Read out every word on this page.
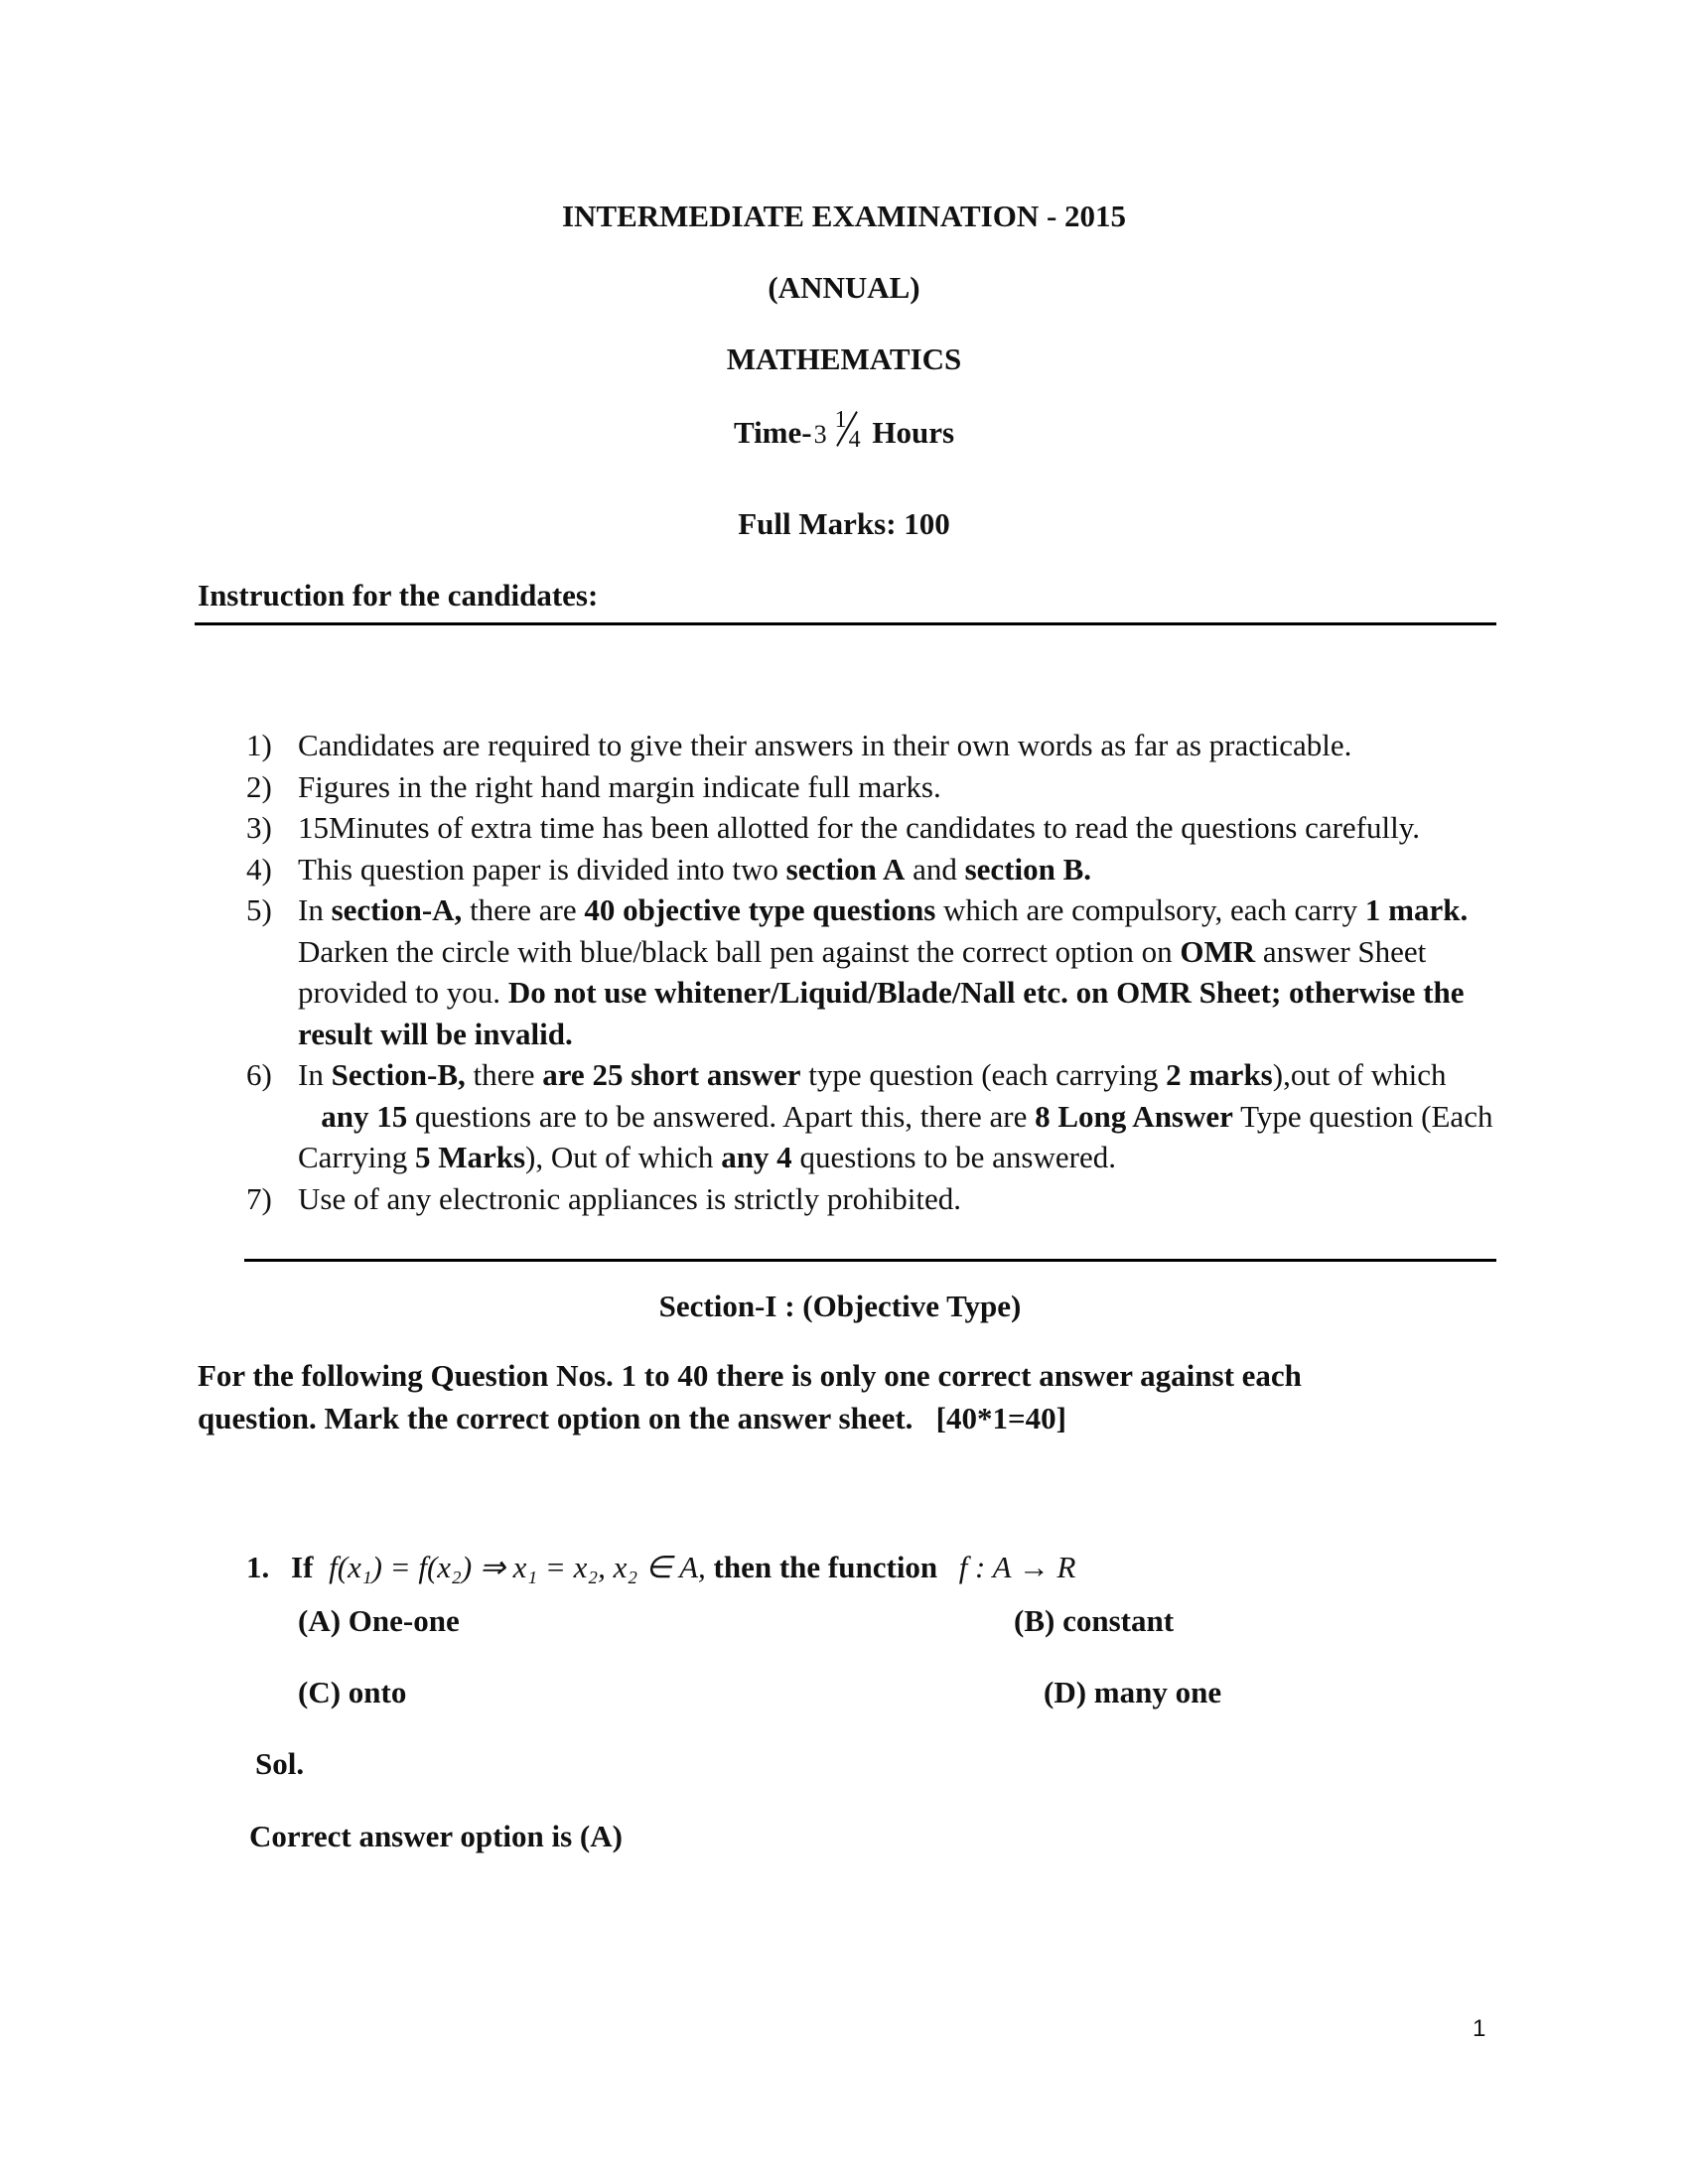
INTERMEDIATE EXAMINATION - 2015
(ANNUAL)
MATHEMATICS
Time-3 1
4 Hours
Full Marks: 100
Instruction for the candidates:
1) Candidates are required to give their answers in their own words as far as practicable.
2) Figures in the right hand margin indicate full marks.
3) 15Minutes of extra time has been allotted for the candidates to read the questions carefully.
4) This question paper is divided into two section A and section B.
5) In section-A, there are 40 objective type questions which are compulsory, each carry 1 mark. Darken the circle with blue/black ball pen against the correct option on OMR answer Sheet provided to you. Do not use whitener/Liquid/Blade/Nall etc. on OMR Sheet; otherwise the result will be invalid.
6) In Section-B, there are 25 short answer type question (each carrying 2 marks),out of which    any 15 questions are to be answered. Apart this, there are 8 Long Answer Type question (Each Carrying 5 Marks), Out of which any 4 questions to be answered.
7) Use of any electronic appliances is strictly prohibited.
Section-I : (Objective Type)
For the following Question Nos. 1 to 40 there is only one correct answer against each
question. Mark the correct option on the answer sheet.   [40*1=40]
1. If f(x₁) = f(x₂) ⇒ x₁ = x₂, x₂ ∈ A, then the function  f : A → R
(A) One-one	(B) constant
(C) onto	(D) many one
Sol.
Correct answer option is (A)
1
